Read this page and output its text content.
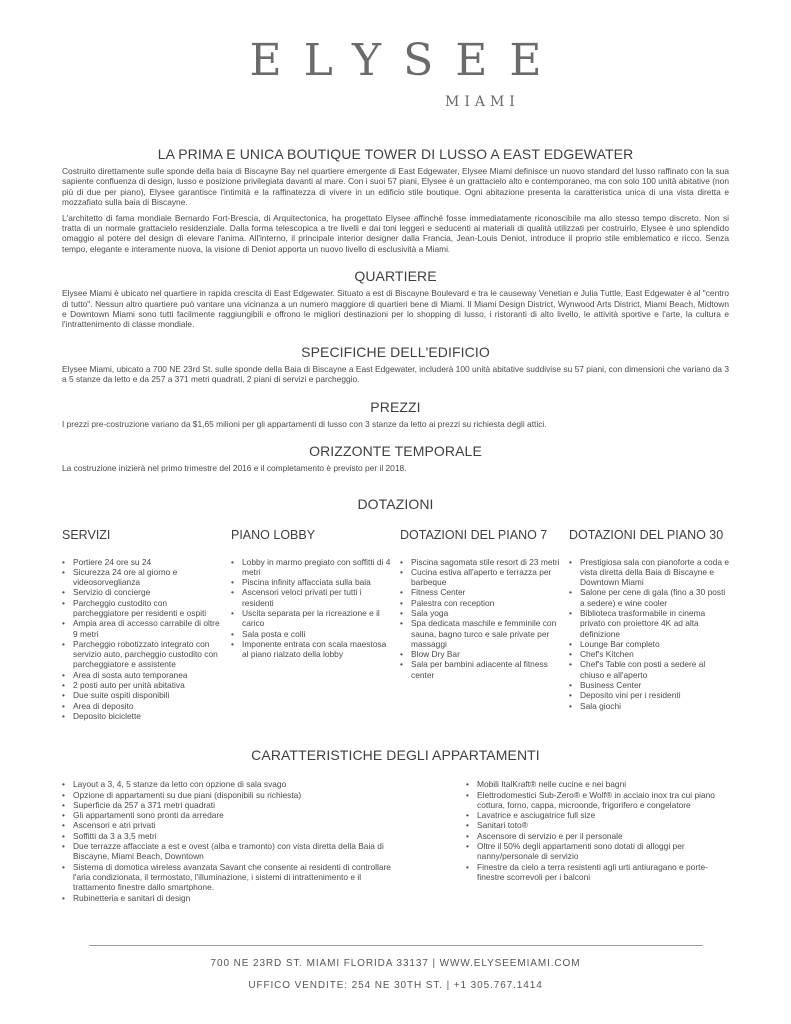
ELYSEE
MIAMI
LA PRIMA E UNICA BOUTIQUE TOWER DI LUSSO A EAST EDGEWATER

Costruito direttamente sulle sponde della baia di Biscayne Bay nel quartiere emergente di East Edgewater, Elysee Miami definisce un nuovo standard del lusso raffinato con la sua sapiente confluenza di design, lusso e posizione privilegiata davanti al mare. Con i suoi 57 piani, Elysee è un grattacielo alto e contemporaneo, ma con solo 100 unità abitative (non più di due per piano), Elysee garantisce l'intimità e la raffinatezza di vivere in un edificio stile boutique. Ogni abitazione presenta la caratteristica unica di una vista diretta e mozzafiato sulla baia di Biscayne.

L'architetto di fama mondiale Bernardo Fort-Brescia, di Arquitectonica, ha progettato Elysee affinché fosse immediatamente riconoscibile ma allo stesso tempo discreto. Non si tratta di un normale grattacielo residenziale. Dalla forma telescopica a tre livelli e dai toni leggeri e seducenti ai materiali di qualità utilizzati per costruirlo, Elysee è uno splendido omaggio al potere del design di elevare l'anima. All'interno, il principale interior designer dalla Francia, Jean-Louis Deniot, introduce il proprio stile emblematico e ricco. Senza tempo, elegante e interamente nuova, la visione di Deniot apporta un nuovo livello di esclusività a Miami.

QUARTIERE

Elysee Miami è ubicato nel quartiere in rapida crescita di East Edgewater. Situato a est di Biscayne Boulevard e tra le causeway Venetian e Julia Tuttle, East Edgewater è al "centro di tutto". Nessun altro quartiere può vantare una vicinanza a un numero maggiore di quartieri bene di Miami. Il Miami Design District, Wynwood Arts District, Miami Beach, Midtown e Downtown Miami sono tutti facilmente raggiungibili e offrono le migliori destinazioni per lo shopping di lusso, i ristoranti di alto livello, le attività sportive e l'arte, la cultura e l'intrattenimento di classe mondiale.

SPECIFICHE DELL'EDIFICIO

Elysee Miami, ubicato a 700 NE 23rd St. sulle sponde della Baia di Biscayne a East Edgewater, includerà 100 unità abitative suddivise su 57 piani, con dimensioni che variano da 3 a 5 stanze da letto e da 257 a 371 metri quadrati, 2 piani di servizi e parcheggio.

PREZZI

I prezzi pre-costruzione variano da $1,65 milioni per gli appartamenti di lusso con 3 stanze da letto ai prezzi su richiesta degli attici.

ORIZZONTE TEMPORALE

La costruzione inizierà nel primo trimestre del 2016 e il completamento è previsto per il 2018.

DOTAZIONI
SERVIZI
• Portiere 24 ore su 24
• Sicurezza 24 ore al giorno e videosorveglianza
• Servizio di concierge
• Parcheggio custodito con parcheggiatore per residenti e ospiti
• Ampia area di accesso carrabile di oltre 9 metri
• Parcheggio robotizzato integrato con servizio auto, parcheggio custodito con parcheggiatore e assistente
• Area di sosta auto temporanea
• 2 posti auto per unità abitativa
• Due suite ospiti disponibili
• Area di deposito
• Deposito biciclette
PIANO LOBBY
• Lobby in marmo pregiato con soffitti di 4 metri
• Piscina infinity affacciata sulla baia
• Ascensori veloci privati per tutti i residenti
• Uscita separata per la ricreazione e il carico
• Sala posta e colli
• Imponente entrata con scala maestosa al piano rialzato della lobby
DOTAZIONI DEL PIANO 7
• Piscina sagomata stile resort di 23 metri
• Cucina estiva all'aperto e terrazza per barbeque
• Fitness Center
• Palestra con reception
• Sala yoga
• Spa dedicata maschile e femminile con sauna, bagno turco e sale private per massaggi
• Blow Dry Bar
• Sala per bambini adiacente al fitness center
DOTAZIONI DEL PIANO 30
• Prestigiosa sala con pianoforte a coda e vista diretta della Baia di Biscayne e Downtown Miami
• Salone per cene di gala (fino a 30 posti a sedere) e wine cooler
• Biblioteca trasformabile in cinema privato con proiettore 4K ad alta definizione
• Lounge Bar completo
• Chef's Kitchen
• Chef's Table con posti a sedere al chiuso e all'aperto
• Business Center
• Deposito vini per i residenti
• Sala giochi
CARATTERISTICHE DEGLI APPARTAMENTI
• Layout a 3, 4, 5 stanze da letto con opzione di sala svago
• Opzione di appartamenti su due piani (disponibili su richiesta)
• Superficie da 257 a 371 metri quadrati
• Gli appartamenti sono pronti da arredare
• Ascensori e atri privati
• Soffitti da 3 a 3,5 metri
• Due terrazze affacciate a est e ovest (alba e tramonto) con vista diretta della Baia di Biscayne, Miami Beach, Downtown
• Sistema di domotica wireless avanzata Savant che consente ai residenti di controllare l'aria condizionata, il termostato, l'illuminazione, i sistemi di intrattenimento e il trattamento finestre dallo smartphone.
• Rubinetteria e sanitari di design
• Mobili ItalKraft® nelle cucine e nei bagni
• Elettrodomestici Sub-Zero® e Wolf® in acciaio inox tra cui piano cottura, forno, cappa, microonde, frigorifero e congelatore
• Lavatrice e asciugatrice full size
• Sanitari toto®
• Ascensore di servizio e per il personale
• Oltre il 50% degli appartamenti sono dotati di alloggi per nanny/personale di servizio
• Finestre da cielo a terra resistenti agli urti antiuragano e porte-finestre scorrevoli per i balconi
700 NE 23RD ST. MIAMI FLORIDA 33137 | WWW.ELYSEEMIAMI.COM
UFFICO VENDITE: 254 NE 30TH ST. | +1 305.767.1414
